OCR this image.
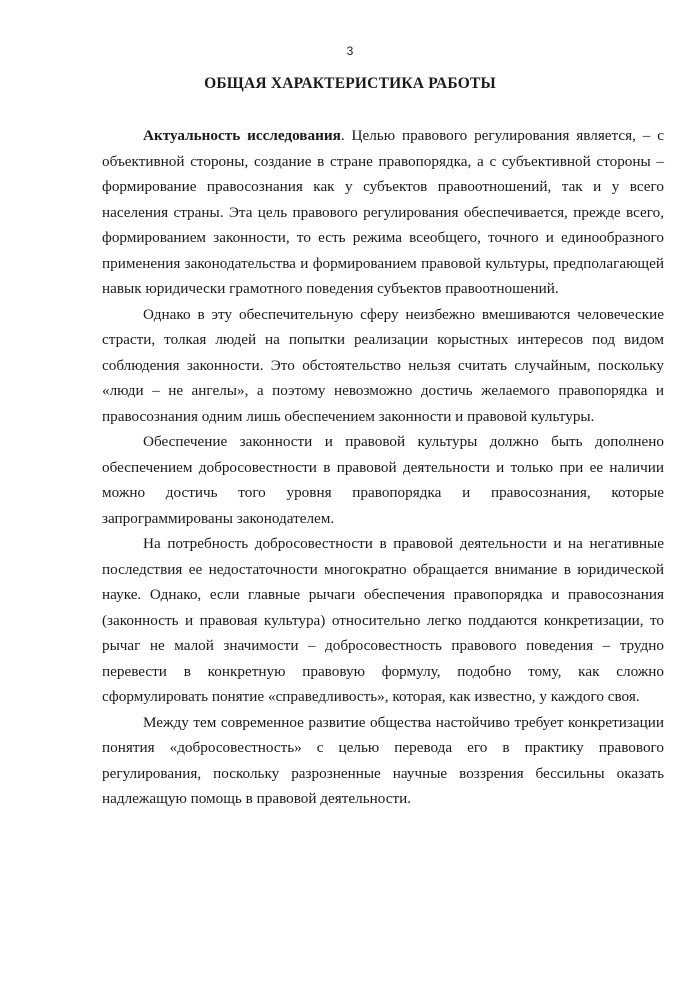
3
ОБЩАЯ ХАРАКТЕРИСТИКА РАБОТЫ

Актуальность исследования. Целью правового регулирования является, – с объективной стороны, создание в стране правопорядка, а с субъективной стороны – формирование правосознания как у субъектов правоотношений, так и у всего населения страны. Эта цель правового регулирования обеспечивается, прежде всего, формированием законности, то есть режима всеобщего, точного и единообразного применения законодательства и формированием правовой культуры, предполагающей навык юридически грамотного поведения субъектов правоотношений.

Однако в эту обеспечительную сферу неизбежно вмешиваются человеческие страсти, толкая людей на попытки реализации корыстных интересов под видом соблюдения законности. Это обстоятельство нельзя считать случайным, поскольку «люди – не ангелы», а поэтому невозможно достичь желаемого правопорядка и правосознания одним лишь обеспечением законности и правовой культуры.

Обеспечение законности и правовой культуры должно быть дополнено обеспечением добросовестности в правовой деятельности и только при ее наличии можно достичь того уровня правопорядка и правосознания, которые запрограммированы законодателем.

На потребность добросовестности в правовой деятельности и на негативные последствия ее недостаточности многократно обращается внимание в юридической науке. Однако, если главные рычаги обеспечения правопорядка и правосознания (законность и правовая культура) относительно легко поддаются конкретизации, то рычаг не малой значимости – добросовестность правового поведения – трудно перевести в конкретную правовую формулу, подобно тому, как сложно сформулировать понятие «справедливость», которая, как известно, у каждого своя.

Между тем современное развитие общества настойчиво требует конкретизации понятия «добросовестность» с целью перевода его в практику правового регулирования, поскольку разрозненные научные воззрения бессильны оказать надлежащую помощь в правовой деятельности.
